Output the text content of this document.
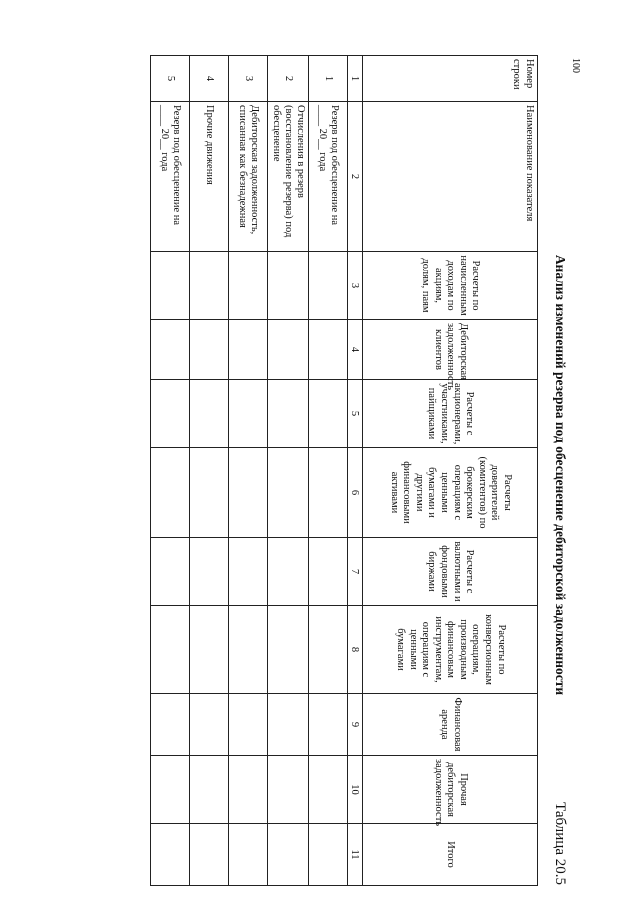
100
Анализ изменений резерва под обесценение дебиторской задолженности
Таблица 20.5
Номер строки	Наименование показателя	Расчеты по начисленным доходам по акциям, долям, паям	Дебиторская задолженность клиентов	Расчеты с акционерами, участниками, пайщиками	Расчеты доверителей (комитентов) по брокерским операциям с ценными бумагами и другими финансовыми активами	Расчеты с валютными и фондовыми биржами	Расчеты по конверсионным операциям, производным финансовым инструментам, операциям с ценными бумагами	Финансовая аренда	Прочая дебиторская задолженность	Итого
1	2	3	4	5	6	7	8	9	10	11
1	Резерв под обесценение на ____ 20__ года									
2	Отчисления в резерв (восстановление резерва) под обесценение									
3	Дебиторская задолженность, списанная как безнадежная									
4	Прочие движения									
5	Резерв под обесценение на ____ 20__ года									
